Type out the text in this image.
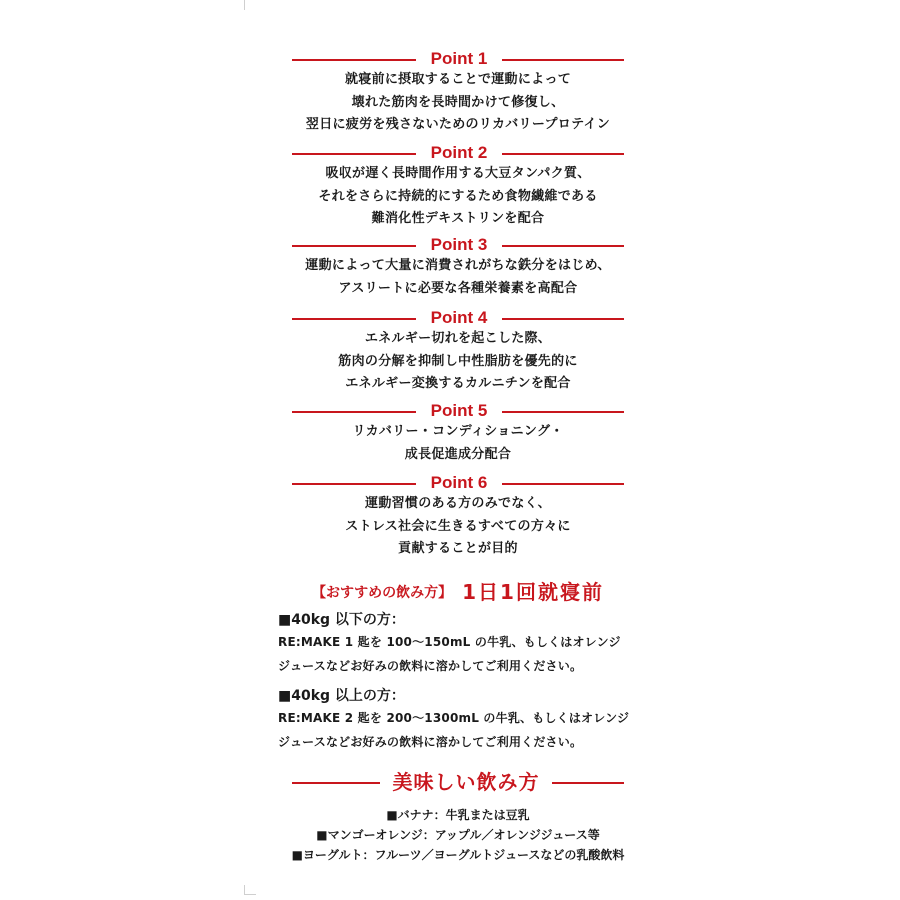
Point 1
就寝前に摂取することで運動によって
壊れた筋肉を長時間かけて修復し、
翌日に疲労を残さないためのリカバリープロテイン
Point 2
吸収が遅く長時間作用する大豆タンパク質、
それをさらに持続的にするため食物繊維である
難消化性デキストリンを配合
Point 3
運動によって大量に消費されがちな鉄分をはじめ、
アスリートに必要な各種栄養素を高配合
Point 4
エネルギー切れを起こした際、
筋肉の分解を抑制し中性脂肪を優先的に
エネルギー変換するカルニチンを配合
Point 5
リカバリー・コンディショニング・
成長促進成分配合
Point 6
運動習慣のある方のみでなく、
ストレス社会に生きるすべての方々に
貢献することが目的
【おすすめの飲み方】 1日1回就寝前
■40kg 以下の方：
RE:MAKE 1 匙を 100〜150mL の牛乳、もしくはオレンジ
ジュースなどお好みの飲料に溶かしてご利用ください。
■40kg 以上の方：
RE:MAKE 2 匙を 200〜1300mL の牛乳、もしくはオレンジ
ジュースなどお好みの飲料に溶かしてご利用ください。
美味しい飲み方
■バナナ：牛乳または豆乳
■マンゴーオレンジ：アップル／オレンジジュース等
■ヨーグルト：フルーツ／ヨーグルトジュースなどの乳酸飲料
